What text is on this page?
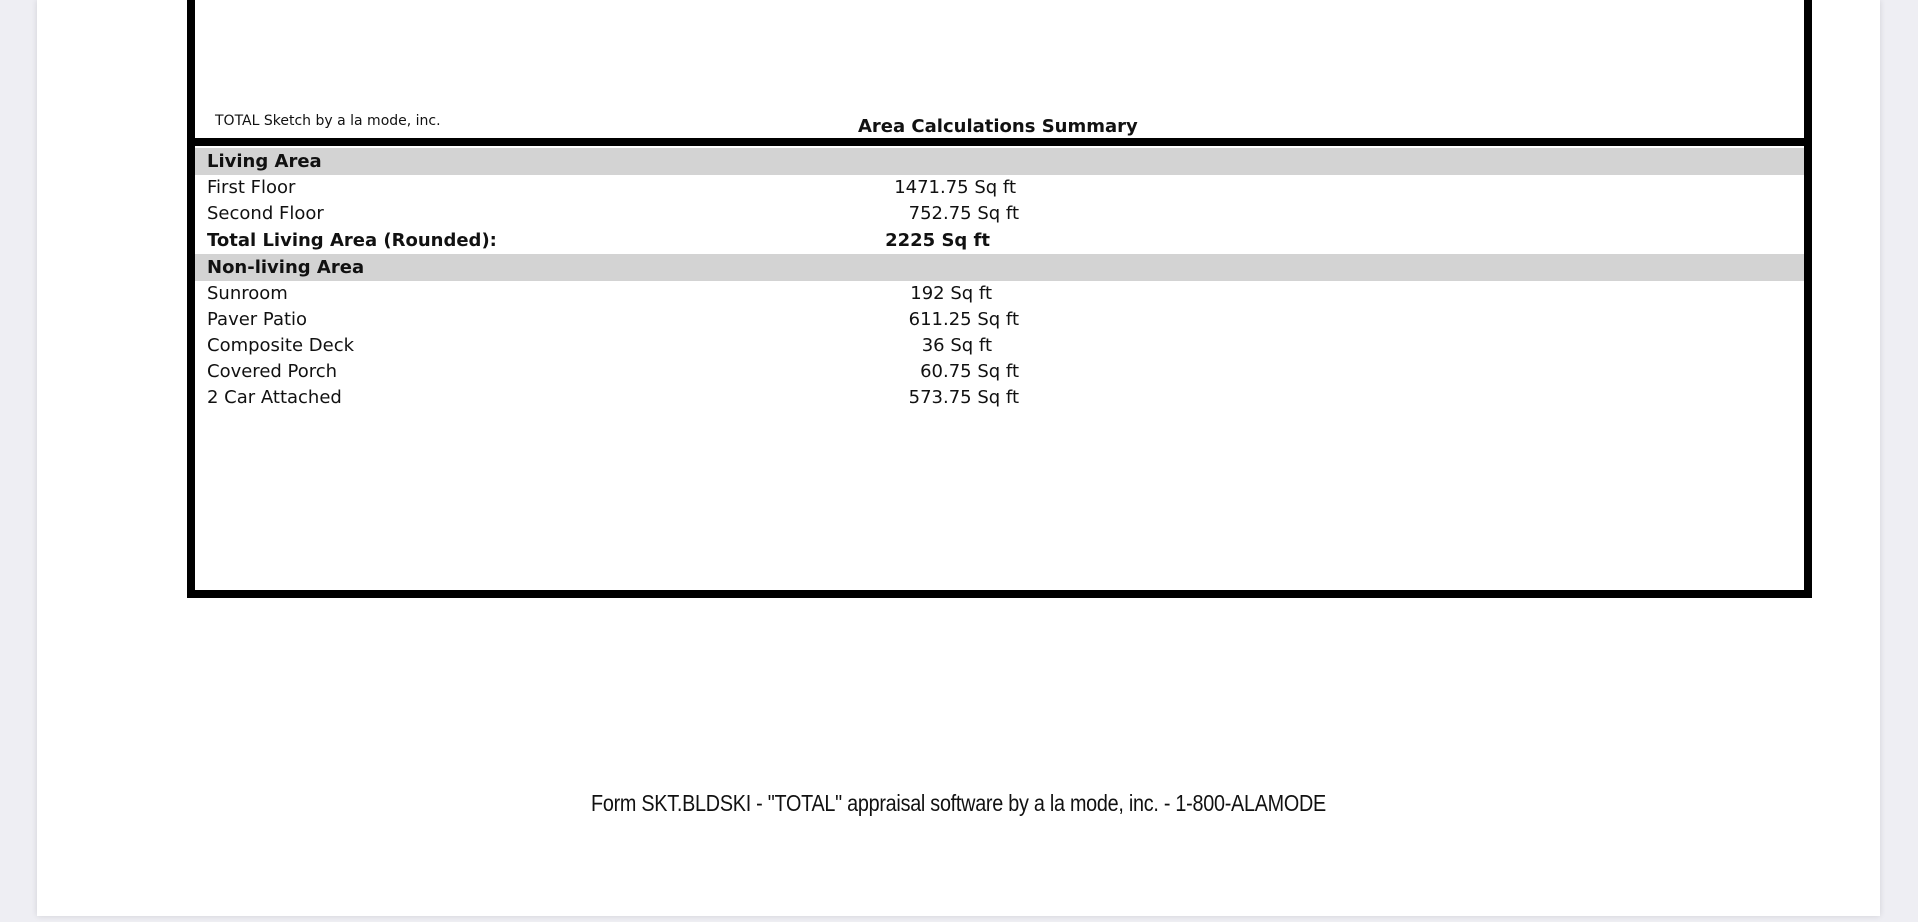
TOTAL Sketch by a la mode, inc.	Area Calculations Summary
Living Area
First Floor	1471.75 Sq ft
Second Floor	752.75 Sq ft
Total Living Area (Rounded):	2225 Sq ft
Non-living Area
Sunroom	192 Sq ft
Paver Patio	611.25 Sq ft
Composite Deck	36 Sq ft
Covered Porch	60.75 Sq ft
2 Car Attached	573.75 Sq ft
Form SKT.BLDSKI - "TOTAL" appraisal software by a la mode, inc. - 1-800-ALAMODE
